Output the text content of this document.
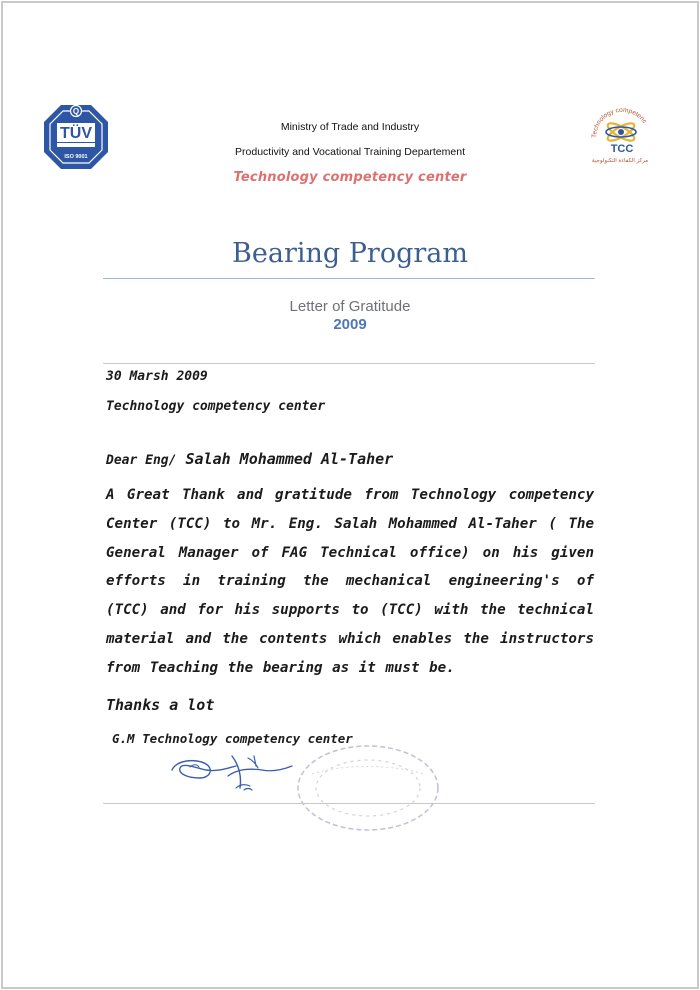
Q
TÜV
ISO 9001
Technology competenc
TCC
مركز الكفاءة التكنولوجية
Ministry of Trade and Industry
Productivity and Vocational Training Departement
Technology competency center
Bearing Program
Letter of Gratitude
2009
30 Marsh 2009
Technology competency center
Dear Eng/ Salah Mohammed Al-Taher
A Great Thank and gratitude from Technology competency Center (TCC) to Mr. Eng. Salah Mohammed Al-Taher ( The General Manager of FAG Technical office) on his given efforts in training the mechanical engineering's of (TCC) and for his supports to (TCC) with the technical material and the contents which enables the instructors from Teaching the bearing as it must be.
Thanks a lot
G.M Technology competency center
